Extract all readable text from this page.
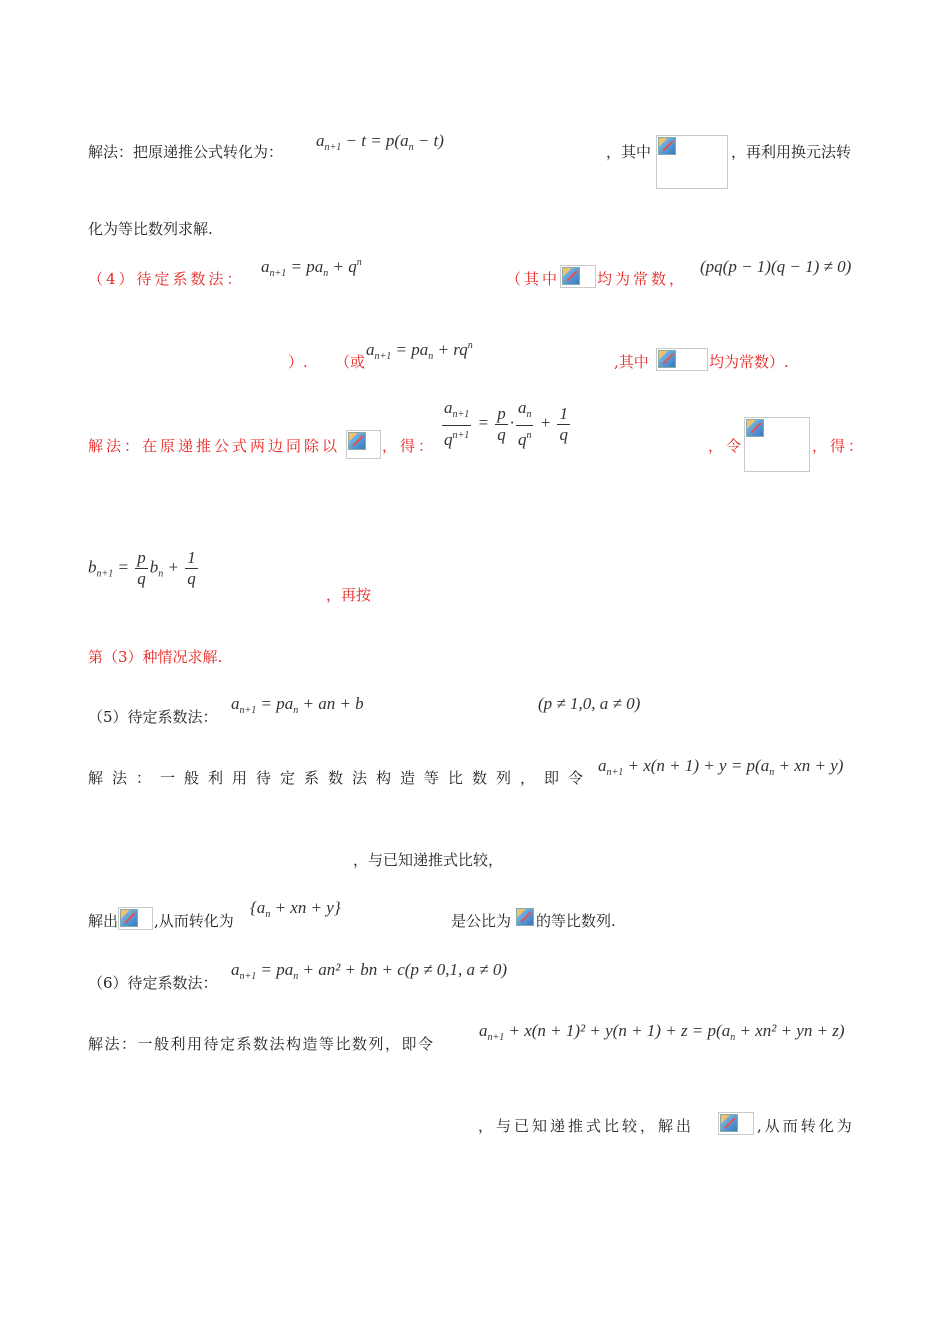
解法：把原递推公式转化为：
$a_{n+1} - t = p(a_n - t)$
，其中	，再利用换元法转
化为等比数列求解.
（4）待定系数法：
$a_{n+1} = pa_n + q^n$
（其中 均为常数，
(pq(p − 1)(q − 1) ≠ 0)
）. （或
$a_{n+1} = pa_n + rq^n$
,其中	均为常数）.
解法：在原递推公式两边同除以	，得： $\frac{a_{n+1}}{q^{n+1}} = \frac{p}{q} \cdot \frac{a_n}{q^n} + \frac{1}{q}$
，令	，得：
$b_{n+1} = \frac{p}{q} b_n + \frac{1}{q}$
，再按
第（3）种情况求解.
（5）待定系数法：
$a_{n+1} = pa_n$ + an + b	(p ≠ 1,0, a ≠ 0)
解法：一般利用待定系数法构造等比数列，即令
$a_{n+1} + x(n + 1) + y = p(a_n$ + xn + y)
，与已知递推式比较，
解出 ,从而转化为
{$a_n$ + xn + y}
是公比为 的等比数列.
（6）待定系数法：
$a_{n+1} = pa_n + an^2$ + bn + c(p ≠ 0,1, a ≠ 0)
解法：一般利用待定系数法构造等比数列，即令
$a_{n+1} + x(n + 1)^2 + y(n + 1) + z = p(a_n + xn^2$ + yn + z)
，与已知递推式比较，解出	,从而转化为
